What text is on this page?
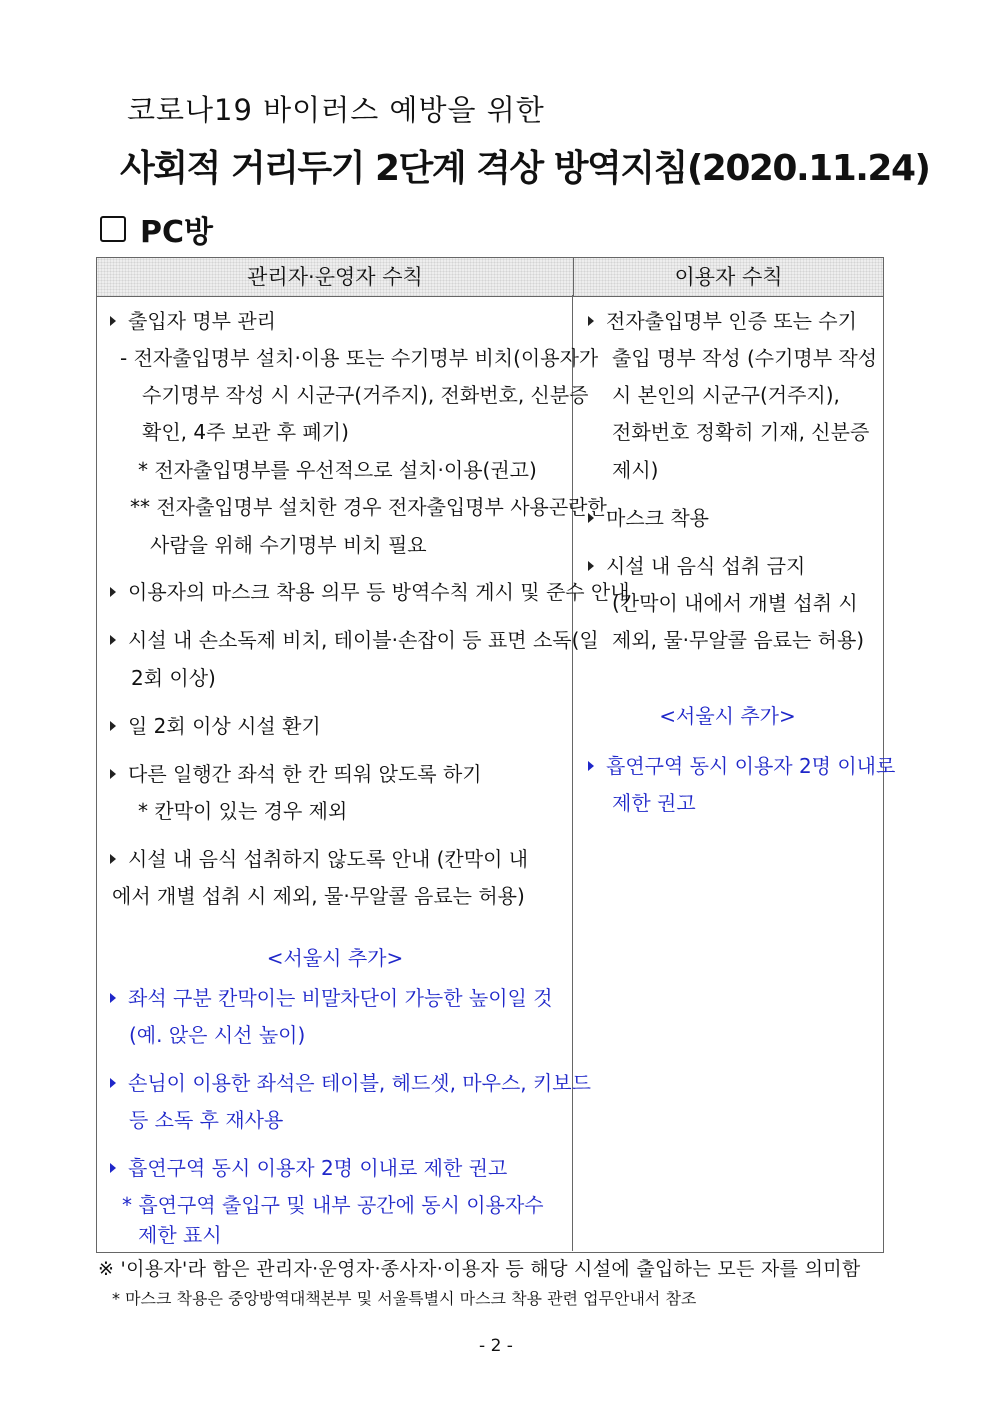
코로나19 바이러스 예방을 위한
사회적 거리두기 2단계 격상 방역지침(2020.11.24)
PC방
관리자·운영자 수칙	이용자 수칙
출입자 명부 관리
- 전자출입명부 설치·이용 또는 수기명부 비치(이용자가
수기명부 작성 시 시군구(거주지), 전화번호, 신분증
확인, 4주 보관 후 폐기)
* 전자출입명부를 우선적으로 설치·이용(권고)
** 전자출입명부 설치한 경우 전자출입명부 사용곤란한
사람을 위해 수기명부 비치 필요
이용자의 마스크 착용 의무 등 방역수칙 게시 및 준수 안내
시설 내 손소독제 비치, 테이블·손잡이 등 표면 소독(일
2회 이상)
일 2회 이상 시설 환기
다른 일행간 좌석 한 칸 띄워 앉도록 하기
* 칸막이 있는 경우 제외
시설 내 음식 섭취하지 않도록 안내 (칸막이 내
에서 개별 섭취 시 제외, 물·무알콜 음료는 허용)
<서울시 추가>
좌석 구분 칸막이는 비말차단이 가능한 높이일 것
(예. 앉은 시선 높이)
손님이 이용한 좌석은 테이블, 헤드셋, 마우스, 키보드
등 소독 후 재사용
흡연구역 동시 이용자 2명 이내로 제한 권고
* 흡연구역 출입구 및 내부 공간에 동시 이용자수
제한 표시
전자출입명부 인증 또는 수기
출입 명부 작성 (수기명부 작성
시 본인의 시군구(거주지),
전화번호 정확히 기재, 신분증
제시)
마스크 착용
시설 내 음식 섭취 금지
(칸막이 내에서 개별 섭취 시
제외, 물·무알콜 음료는 허용)
<서울시 추가>
흡연구역 동시 이용자 2명 이내로
제한 권고
※ '이용자'라 함은 관리자·운영자·종사자·이용자 등 해당 시설에 출입하는 모든 자를 의미함
* 마스크 착용은 중앙방역대책본부 및 서울특별시 마스크 착용 관련 업무안내서 참조
- 2 -
